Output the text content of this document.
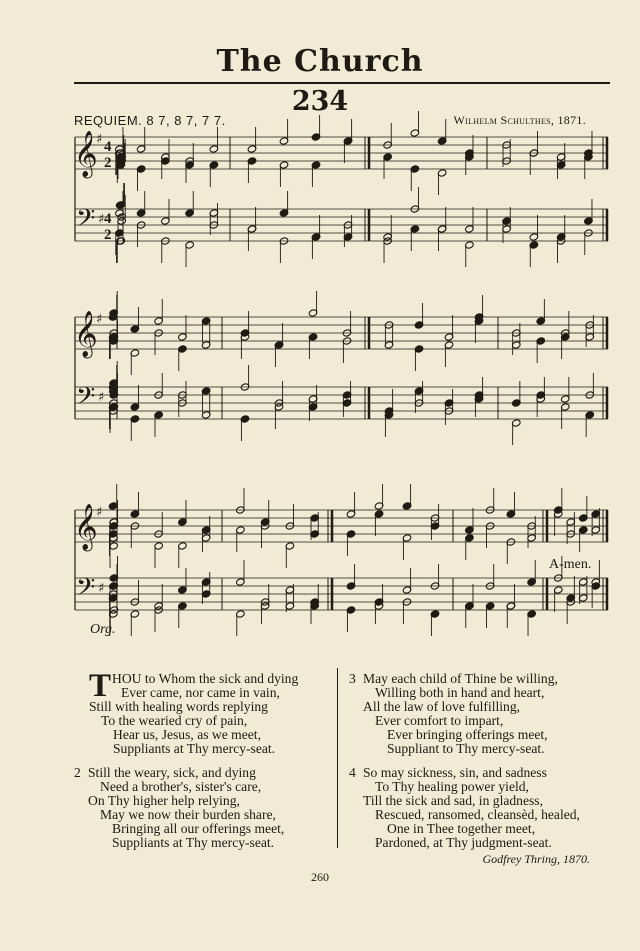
The Church
234
REQUIEM. 8 7, 8 7, 7 7.	Wilhelm Schulthes, 1871.
𝄞
𝄢
♯
♯
4
2
4
2
𝄞
𝄢
♯
♯
𝄞
𝄢
♯
♯
A-men.
Org.
T HOU to Whom the sick and dying
Ever came, nor came in vain,
Still with healing words replying
To the wearied cry of pain,
Hear us, Jesus, as we meet,
Suppliants at Thy mercy-seat.
2 Still the weary, sick, and dying
Need a brother's, sister's care,
On Thy higher help relying,
May we now their burden share,
Bringing all our offerings meet,
Suppliants at Thy mercy-seat.
3 May each child of Thine be willing,
Willing both in hand and heart,
All the law of love fulfilling,
Ever comfort to impart,
Ever bringing offerings meet,
Suppliant to Thy mercy-seat.
4 So may sickness, sin, and sadness
To Thy healing power yield,
Till the sick and sad, in gladness,
Rescued, ransomed, cleansèd, healed,
One in Thee together meet,
Pardoned, at Thy judgment-seat.
Godfrey Thring, 1870.
260
